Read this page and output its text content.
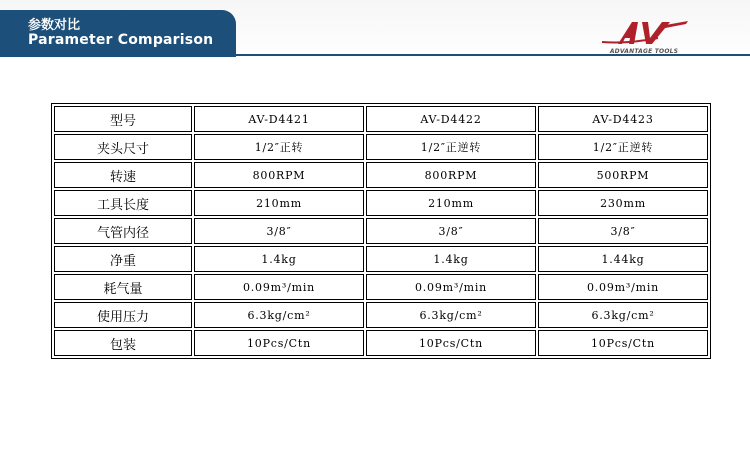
参数对比
Parameter Comparison
ADVANTAGE TOOLS
型号	AV-D4421	AV-D4422	AV-D4423
夹头尺寸	1/2″正转	1/2″正逆转	1/2″正逆转
转速	800RPM	800RPM	500RPM
工具长度	210mm	210mm	230mm
气管内径	3/8″	3/8″	3/8″
净重	1.4kg	1.4kg	1.44kg
耗气量	0.09m³/min	0.09m³/min	0.09m³/min
使用压力	6.3kg/cm²	6.3kg/cm²	6.3kg/cm²
包装	10Pcs/Ctn	10Pcs/Ctn	10Pcs/Ctn
